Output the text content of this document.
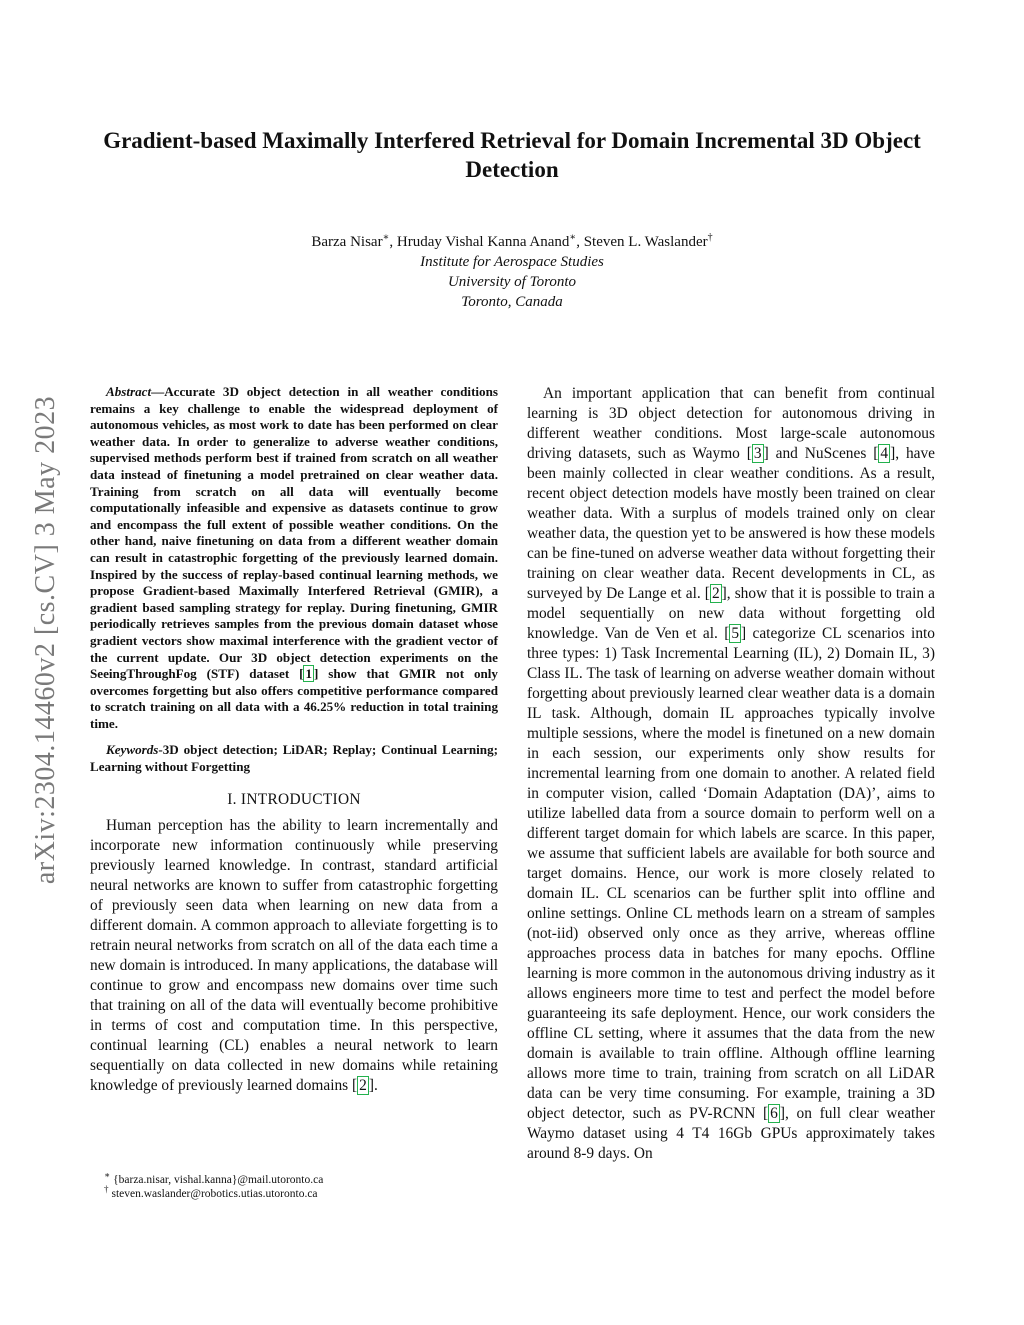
arXiv:2304.14460v2 [cs.CV] 3 May 2023
Gradient-based Maximally Interfered Retrieval for Domain Incremental 3D Object Detection
Barza Nisar∗, Hruday Vishal Kanna Anand∗, Steven L. Waslander†
Institute for Aerospace Studies
University of Toronto
Toronto, Canada

Abstract—Accurate 3D object detection in all weather conditions remains a key challenge to enable the widespread deployment of autonomous vehicles, as most work to date has been performed on clear weather data. In order to generalize to adverse weather conditions, supervised methods perform best if trained from scratch on all weather data instead of finetuning a model pretrained on clear weather data. Training from scratch on all data will eventually become computationally infeasible and expensive as datasets continue to grow and encompass the full extent of possible weather conditions. On the other hand, naive finetuning on data from a different weather domain can result in catastrophic forgetting of the previously learned domain. Inspired by the success of replay-based continual learning methods, we propose Gradient-based Maximally Interfered Retrieval (GMIR), a gradient based sampling strategy for replay. During finetuning, GMIR periodically retrieves samples from the previous domain dataset whose gradient vectors show maximal interference with the gradient vector of the current update. Our 3D object detection experiments on the SeeingThroughFog (STF) dataset [ 1 ] show that GMIR not only overcomes forgetting but also offers competitive performance compared to scratch training on all data with a 46.25% reduction in total training time.

Keywords-3D object detection; LiDAR; Replay; Continual Learning; Learning without Forgetting

I. INTRODUCTION

Human perception has the ability to learn incrementally and incorporate new information continuously while preserving previously learned knowledge. In contrast, standard artificial neural networks are known to suffer from catastrophic forgetting of previously seen data when learning on new data from a different domain. A common approach to alleviate forgetting is to retrain neural networks from scratch on all of the data each time a new domain is introduced. In many applications, the database will continue to grow and encompass new domains over time such that training on all of the data will eventually become prohibitive in terms of cost and computation time. In this perspective, continual learning (CL) enables a neural network to learn sequentially on data collected in new domains while retaining knowledge of previously learned domains [ 2 ].

An important application that can benefit from continual learning is 3D object detection for autonomous driving in different weather conditions. Most large-scale autonomous driving datasets, such as Waymo [ 3 ] and NuScenes [ 4 ], have been mainly collected in clear weather conditions. As a result, recent object detection models have mostly been trained on clear weather data. With a surplus of models trained only on clear weather data, the question yet to be answered is how these models can be fine-tuned on adverse weather data without forgetting their training on clear weather data. Recent developments in CL, as surveyed by De Lange et al. [ 2 ], show that it is possible to train a model sequentially on new data without forgetting old knowledge. Van de Ven et al. [ 5 ] categorize CL scenarios into three types: 1) Task Incremental Learning (IL), 2) Domain IL, 3) Class IL. The task of learning on adverse weather domain without forgetting about previously learned clear weather data is a domain IL task. Although, domain IL approaches typically involve multiple sessions, where the model is finetuned on a new domain in each session, our experiments only show results for incremental learning from one domain to another. A related field in computer vision, called ‘Domain Adaptation (DA)’, aims to utilize labelled data from a source domain to perform well on a different target domain for which labels are scarce. In this paper, we assume that sufficient labels are available for both source and target domains. Hence, our work is more closely related to domain IL. CL scenarios can be further split into offline and online settings. Online CL methods learn on a stream of samples (not-iid) observed only once as they arrive, whereas offline approaches process data in batches for many epochs. Offline learning is more common in the autonomous driving industry as it allows engineers more time to test and perfect the model before guaranteeing its safe deployment. Hence, our work considers the offline CL setting, where it assumes that the data from the new domain is available to train offline. Although offline learning allows more time to train, training from scratch on all LiDAR data can be very time consuming. For example, training a 3D object detector, such as PV-RCNN [ 6 ], on full clear weather Waymo dataset using 4 T4 16Gb GPUs approximately takes around 8-9 days. On

∗ {barza.nisar, vishal.kanna}@mail.utoronto.ca
† steven.waslander@robotics.utias.utoronto.ca
